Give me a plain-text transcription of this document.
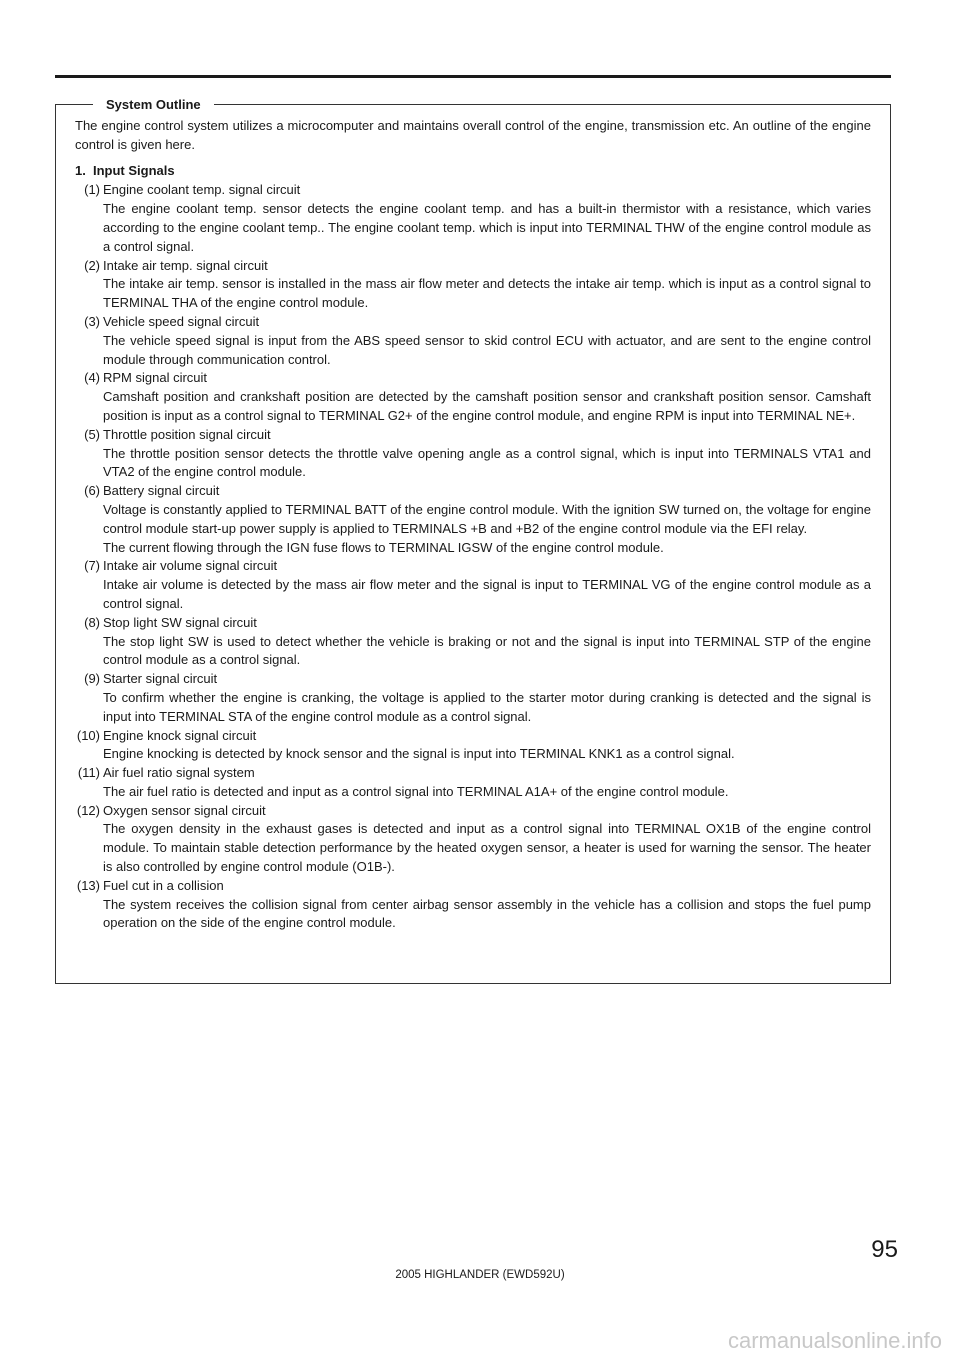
System Outline

The engine control system utilizes a microcomputer and maintains overall control of the engine, transmission etc. An outline of the engine control is given here.

1. Input Signals
(1) Engine coolant temp. signal circuit

The engine coolant temp. sensor detects the engine coolant temp. and has a built-in thermistor with a resistance, which varies according to the engine coolant temp.. The engine coolant temp. which is input into TERMINAL THW of the engine control module as a control signal.

(2) Intake air temp. signal circuit

The intake air temp. sensor is installed in the mass air flow meter and detects the intake air temp. which is input as a control signal to TERMINAL THA of the engine control module.

(3) Vehicle speed signal circuit

The vehicle speed signal is input from the ABS speed sensor to skid control ECU with actuator, and are sent to the engine control module through communication control.

(4) RPM signal circuit

Camshaft position and crankshaft position are detected by the camshaft position sensor and crankshaft position sensor. Camshaft position is input as a control signal to TERMINAL G2+ of the engine control module, and engine RPM is input into TERMINAL NE+.

(5) Throttle position signal circuit

The throttle position sensor detects the throttle valve opening angle as a control signal, which is input into TERMINALS VTA1 and VTA2 of the engine control module.

(6) Battery signal circuit

Voltage is constantly applied to TERMINAL BATT of the engine control module. With the ignition SW turned on, the voltage for engine control module start-up power supply is applied to TERMINALS +B and +B2 of the engine control module via the EFI relay.

The current flowing through the IGN fuse flows to TERMINAL IGSW of the engine control module.

(7) Intake air volume signal circuit

Intake air volume is detected by the mass air flow meter and the signal is input to TERMINAL VG of the engine control module as a control signal.

(8) Stop light SW signal circuit

The stop light SW is used to detect whether the vehicle is braking or not and the signal is input into TERMINAL STP of the engine control module as a control signal.

(9) Starter signal circuit

To confirm whether the engine is cranking, the voltage is applied to the starter motor during cranking is detected and the signal is input into TERMINAL STA of the engine control module as a control signal.

(10) Engine knock signal circuit

Engine knocking is detected by knock sensor and the signal is input into TERMINAL KNK1 as a control signal.

(11) Air fuel ratio signal system

The air fuel ratio is detected and input as a control signal into TERMINAL A1A+ of the engine control module.

(12) Oxygen sensor signal circuit

The oxygen density in the exhaust gases is detected and input as a control signal into TERMINAL OX1B of the engine control module. To maintain stable detection performance by the heated oxygen sensor, a heater is used for warning the sensor. The heater is also controlled by engine control module (O1B-).

(13) Fuel cut in a collision

The system receives the collision signal from center airbag sensor assembly in the vehicle has a collision and stops the fuel pump operation on the side of the engine control module.

95
2005 HIGHLANDER (EWD592U)
carmanualsonline.info
